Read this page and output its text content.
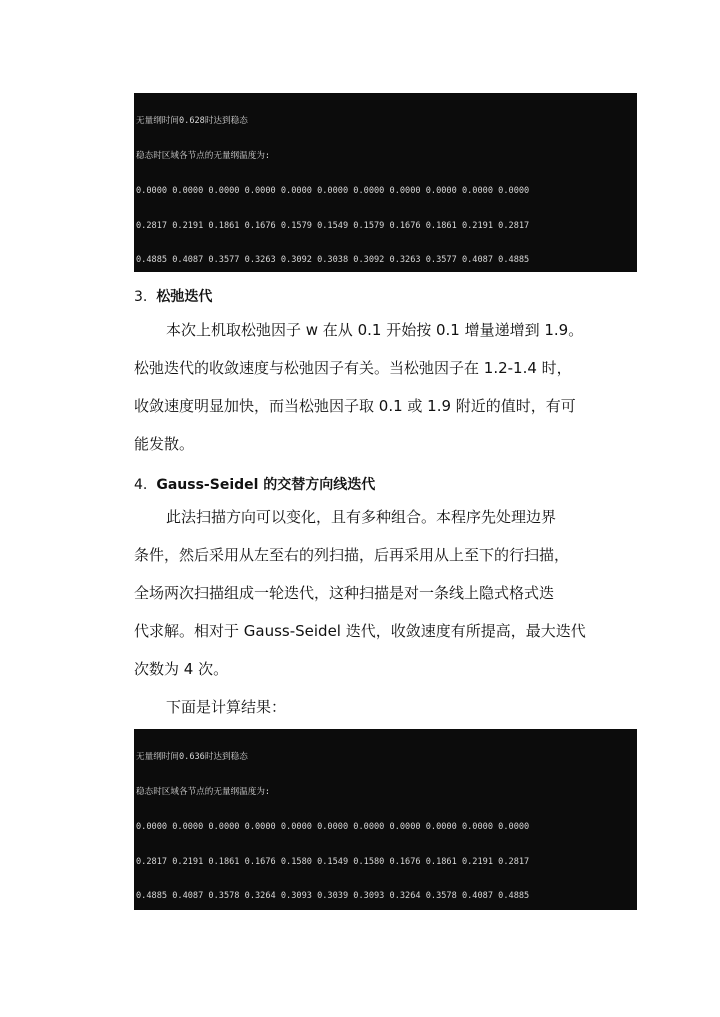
无量纲时间0.628时达到稳态

稳态时区域各节点的无量纲温度为:

0.0000 0.0000 0.0000 0.0000 0.0000 0.0000 0.0000 0.0000 0.0000 0.0000 0.0000

0.2817 0.2191 0.1861 0.1676 0.1579 0.1549 0.1579 0.1676 0.1861 0.2191 0.2817

0.4885 0.4087 0.3577 0.3263 0.3092 0.3038 0.3092 0.3263 0.3577 0.4087 0.4885

3. 松弛迭代
本次上机取松弛因子 w 在从 0.1 开始按 0.1 增量递增到 1.9。
松弛迭代的收敛速度与松弛因子有关。当松弛因子在 1.2-1.4 时，
收敛速度明显加快，而当松弛因子取 0.1 或 1.9 附近的值时，有可
能发散。
4. Gauss-Seidel 的交替方向线迭代
此法扫描方向可以变化，且有多种组合。本程序先处理边界
条件，然后采用从左至右的列扫描，后再采用从上至下的行扫描，
全场两次扫描组成一轮迭代，这种扫描是对一条线上隐式格式迭
代求解。相对于 Gauss-Seidel 迭代，收敛速度有所提高，最大迭代
次数为 4 次。
下面是计算结果：

无量纲时间0.636时达到稳态

稳态时区域各节点的无量纲温度为:

0.0000 0.0000 0.0000 0.0000 0.0000 0.0000 0.0000 0.0000 0.0000 0.0000 0.0000

0.2817 0.2191 0.1861 0.1676 0.1580 0.1549 0.1580 0.1676 0.1861 0.2191 0.2817

0.4885 0.4087 0.3578 0.3264 0.3093 0.3039 0.3093 0.3264 0.3578 0.4087 0.4885
